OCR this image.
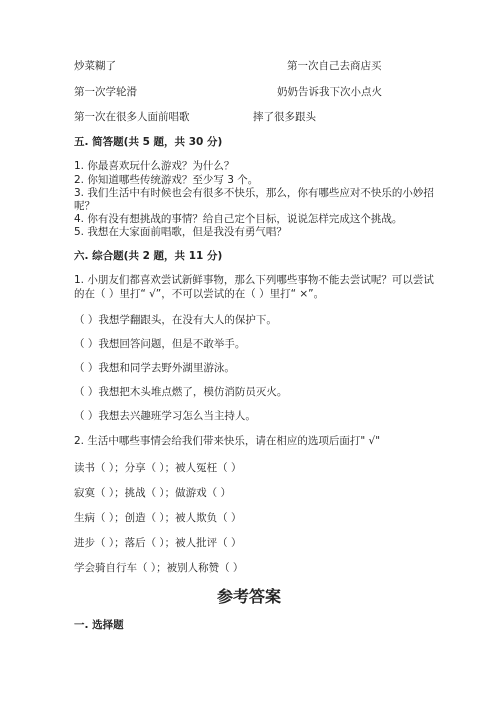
炒菜糊了	第一次自己去商店买
第一次学轮滑	奶奶告诉我下次小点火
第一次在很多人面前唱歌	摔了很多跟头
五. 简答题(共 5 题，共 30 分)
1. 你最喜欢玩什么游戏？为什么？
2. 你知道哪些传统游戏？至少写 3 个。
3. 我们生活中有时候也会有很多不快乐，那么，你有哪些应对不快乐的小妙招
呢？
4. 你有没有想挑战的事情？给自己定个目标，说说怎样完成这个挑战。
5. 我想在大家面前唱歌，但是我没有勇气唱？
六. 综合题(共 2 题，共 11 分)
1. 小朋友们都喜欢尝试新鲜事物，那么下列哪些事物不能去尝试呢？可以尝试
的在（ ）里打“ √”，不可以尝试的在（ ）里打“ ×”。
（ ）我想学翻跟头，在没有大人的保护下。
（ ）我想回答问题，但是不敢举手。
（ ）我想和同学去野外湖里游泳。
（ ）我想把木头堆点燃了，模仿消防员灭火。
（ ）我想去兴趣班学习怎么当主持人。
2. 生活中哪些事情会给我们带来快乐，请在相应的选项后面打" √"
读书（ ）；分享（ ）；被人冤枉（ ）
寂寞（ ）；挑战（ ）；做游戏（ ）
生病（ ）；创造（ ）；被人欺负（ ）
进步（ ）；落后（ ）；被人批评（ ）
学会骑自行车（ ）；被别人称赞（ ）
参考答案
一. 选择题
